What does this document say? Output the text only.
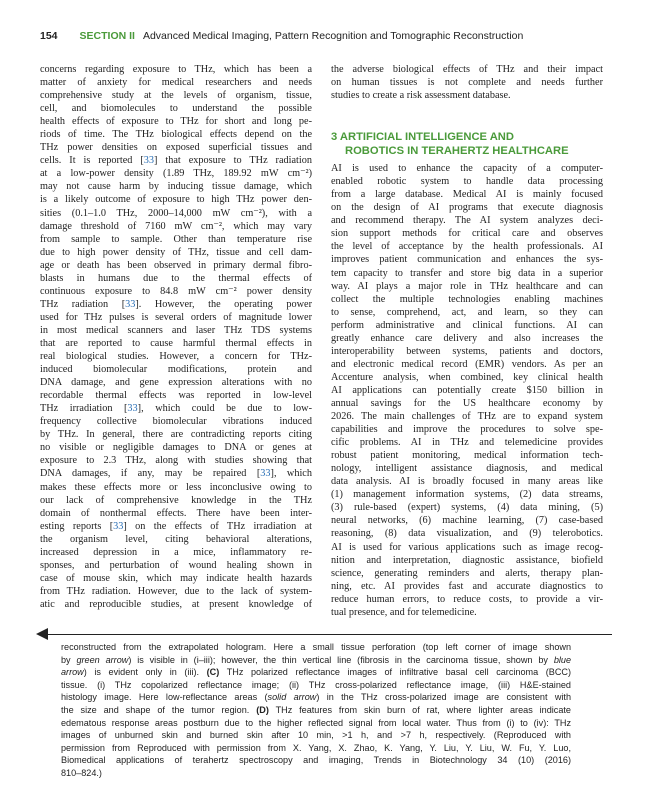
154 SECTION II Advanced Medical Imaging, Pattern Recognition and Tomographic Reconstruction
concerns regarding exposure to THz, which has been a
matter of anxiety for medical researchers and needs
comprehensive study at the levels of organism, tissue,
cell, and biomolecules to understand the possible
health effects of exposure to THz for short and long pe-
riods of time. The THz biological effects depend on the
THz power densities on exposed superficial tissues and
cells. It is reported [33] that exposure to THz radiation
at a low-power density (1.89 THz, 189.92 mW cm⁻²)
may not cause harm by inducing tissue damage, which
is a likely outcome of exposure to high THz power den-
sities (0.1–1.0 THz, 2000–14,000 mW cm⁻²), with a
damage threshold of 7160 mW cm⁻², which may vary
from sample to sample. Other than temperature rise
due to high power density of THz, tissue and cell dam-
age or death has been observed in primary dermal fibro-
blasts in humans due to the thermal effects of
continuous exposure to 84.8 mW cm⁻² power density
THz radiation [33]. However, the operating power
used for THz pulses is several orders of magnitude lower
in most medical scanners and laser THz TDS systems
that are reported to cause harmful thermal effects in
real biological studies. However, a concern for THz-
induced biomolecular modifications, protein and
DNA damage, and gene expression alterations with no
recordable thermal effects was reported in low-level
THz irradiation [33], which could be due to low-
frequency collective biomolecular vibrations induced
by THz. In general, there are contradicting reports citing
no visible or negligible damages to DNA or genes at
exposure to 2.3 THz, along with studies showing that
DNA damages, if any, may be repaired [33], which
makes these effects more or less inconclusive owing to
our lack of comprehensive knowledge in the THz
domain of nonthermal effects. There have been inter-
esting reports [33] on the effects of THz irradiation at
the organism level, citing behavioral alterations,
increased depression in a mice, inflammatory re-
sponses, and perturbation of wound healing shown in
case of mouse skin, which may indicate health hazards
from THz radiation. However, due to the lack of system-
atic and reproducible studies, at present knowledge of
the adverse biological effects of THz and their impact
on human tissues is not complete and needs further
studies to create a risk assessment database.
3 ARTIFICIAL INTELLIGENCE AND
ROBOTICS IN TERAHERTZ HEALTHCARE
AI is used to enhance the capacity of a computer-
enabled robotic system to handle data processing
from a large database. Medical AI is mainly focused
on the design of AI programs that execute diagnosis
and recommend therapy. The AI system analyzes deci-
sion support methods for critical care and observes
the level of acceptance by the health professionals. AI
improves patient communication and enhances the sys-
tem capacity to transfer and store big data in a superior
way. AI plays a major role in THz healthcare and can
collect the multiple technologies enabling machines
to sense, comprehend, act, and learn, so they can
perform administrative and clinical functions. AI can
greatly enhance care delivery and also increases the
interoperability between systems, patients and doctors,
and electronic medical record (EMR) vendors. As per an
Accenture analysis, when combined, key clinical health
AI applications can potentially create $150 billion in
annual savings for the US healthcare economy by
2026. The main challenges of THz are to expand system
capabilities and improve the procedures to solve spe-
cific problems. AI in THz and telemedicine provides
robust patient monitoring, medical information tech-
nology, intelligent assistance diagnosis, and medical
data analysis. AI is broadly focused in many areas like
(1) management information systems, (2) data streams,
(3) rule-based (expert) systems, (4) data mining, (5)
neural networks, (6) machine learning, (7) case-based
reasoning, (8) data visualization, and (9) telerobotics.
AI is used for various applications such as image recog-
nition and interpretation, diagnostic assistance, biofield
science, generating reminders and alerts, therapy plan-
ning, etc. AI provides fast and accurate diagnostics to
reduce human errors, to reduce costs, to provide a vir-
tual presence, and for telemedicine.
reconstructed from the extrapolated hologram. Here a small tissue perforation (top left corner of image shown
by green arrow) is visible in (i–iii); however, the thin vertical line (fibrosis in the carcinoma tissue, shown by blue
arrow) is evident only in (iii). (C) THz polarized reflectance images of infiltrative basal cell carcinoma (BCC)
tissue. (i) THz copolarized reflectance image; (ii) THz cross-polarized reflectance image, (iii) H&E-stained
histology image. Here low-reflectance areas (solid arrow) in the THz cross-polarized image are consistent with
the size and shape of the tumor region. (D) THz features from skin burn of rat, where lighter areas indicate
edematous response areas postburn due to the higher reflected signal from local water. Thus from (i) to (iv): THz
images of unburned skin and burned skin after 10 min, >1 h, and >7 h, respectively. (Reproduced with
permission from Reproduced with permission from X. Yang, X. Zhao, K. Yang, Y. Liu, Y. Liu, W. Fu, Y. Luo,
Biomedical applications of terahertz spectroscopy and imaging, Trends in Biotechnology 34 (10) (2016)
810–824.)
